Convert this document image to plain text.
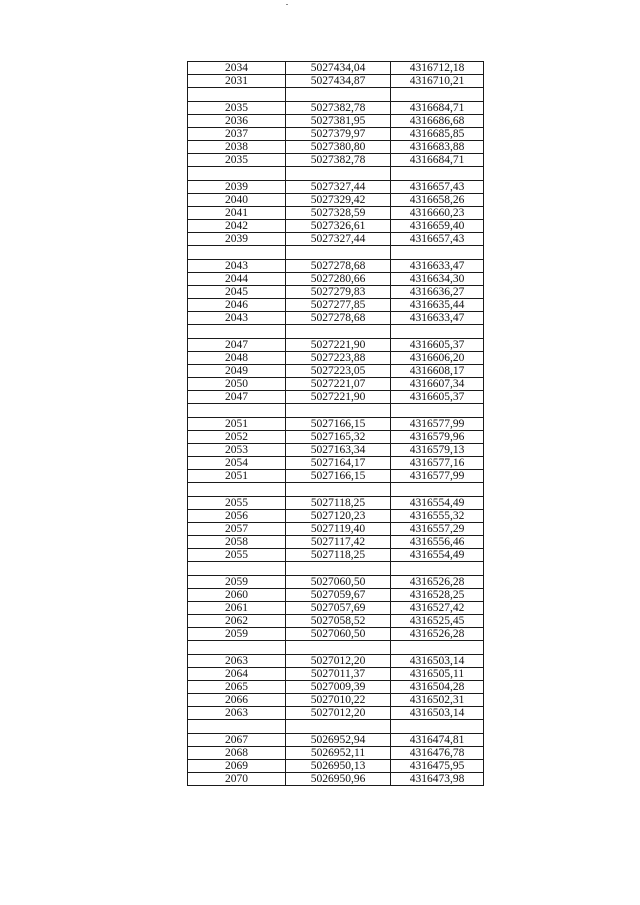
2034	5027434,04	4316712,18
2031	5027434,87	4316710,21

2035	5027382,78	4316684,71
2036	5027381,95	4316686,68
2037	5027379,97	4316685,85
2038	5027380,80	4316683,88
2035	5027382,78	4316684,71

2039	5027327,44	4316657,43
2040	5027329,42	4316658,26
2041	5027328,59	4316660,23
2042	5027326,61	4316659,40
2039	5027327,44	4316657,43

2043	5027278,68	4316633,47
2044	5027280,66	4316634,30
2045	5027279,83	4316636,27
2046	5027277,85	4316635,44
2043	5027278,68	4316633,47

2047	5027221,90	4316605,37
2048	5027223,88	4316606,20
2049	5027223,05	4316608,17
2050	5027221,07	4316607,34
2047	5027221,90	4316605,37

2051	5027166,15	4316577,99
2052	5027165,32	4316579,96
2053	5027163,34	4316579,13
2054	5027164,17	4316577,16
2051	5027166,15	4316577,99

2055	5027118,25	4316554,49
2056	5027120,23	4316555,32
2057	5027119,40	4316557,29
2058	5027117,42	4316556,46
2055	5027118,25	4316554,49

2059	5027060,50	4316526,28
2060	5027059,67	4316528,25
2061	5027057,69	4316527,42
2062	5027058,52	4316525,45
2059	5027060,50	4316526,28

2063	5027012,20	4316503,14
2064	5027011,37	4316505,11
2065	5027009,39	4316504,28
2066	5027010,22	4316502,31
2063	5027012,20	4316503,14

2067	5026952,94	4316474,81
2068	5026952,11	4316476,78
2069	5026950,13	4316475,95
2070	5026950,96	4316473,98
